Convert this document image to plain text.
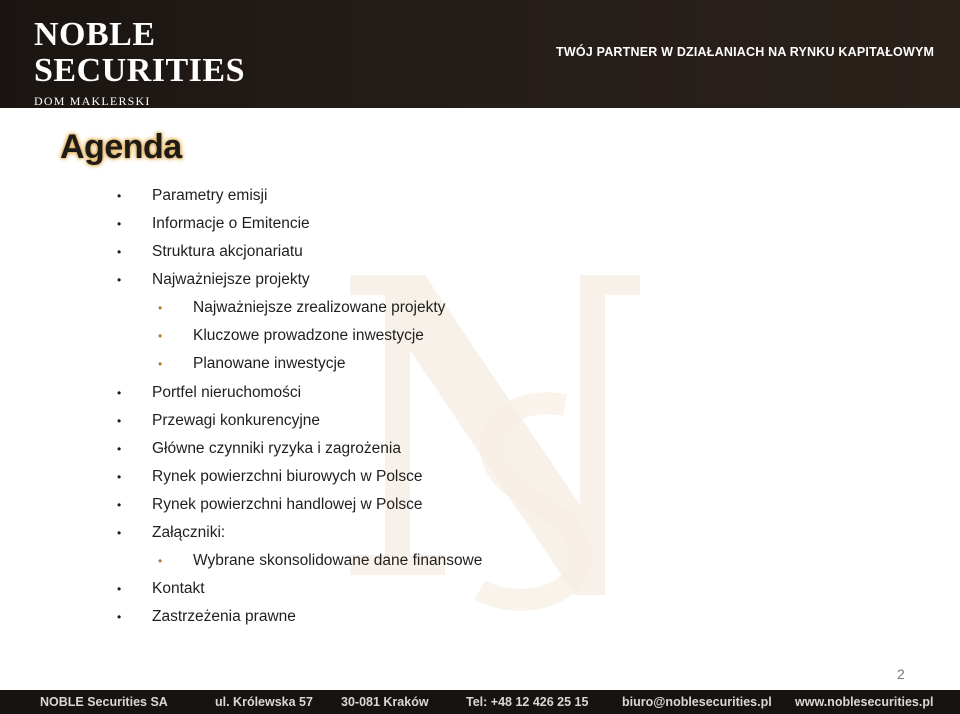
NOBLE
SECURITIES
DOM MAKLERSKI
TWÓJ PARTNER W DZIAŁANIACH NA RYNKU KAPITAŁOWYM
Agenda
• Parametry emisji
• Informacje o Emitencie
• Struktura akcjonariatu
• Najważniejsze projekty
• Najważniejsze zrealizowane projekty
• Kluczowe prowadzone inwestycje
• Planowane inwestycje
• Portfel nieruchomości
• Przewagi konkurencyjne
• Główne czynniki ryzyka i zagrożenia
• Rynek powierzchni biurowych w Polsce
• Rynek powierzchni handlowej w Polsce
• Załączniki:
• Wybrane skonsolidowane dane finansowe
• Kontakt
• Zastrzeżenia prawne
2
NOBLE Securities SA	ul. Królewska 57 30-081 Kraków	Tel: +48 12 426 25 15	biuro@noblesecurities.pl www.noblesecurities.pl
